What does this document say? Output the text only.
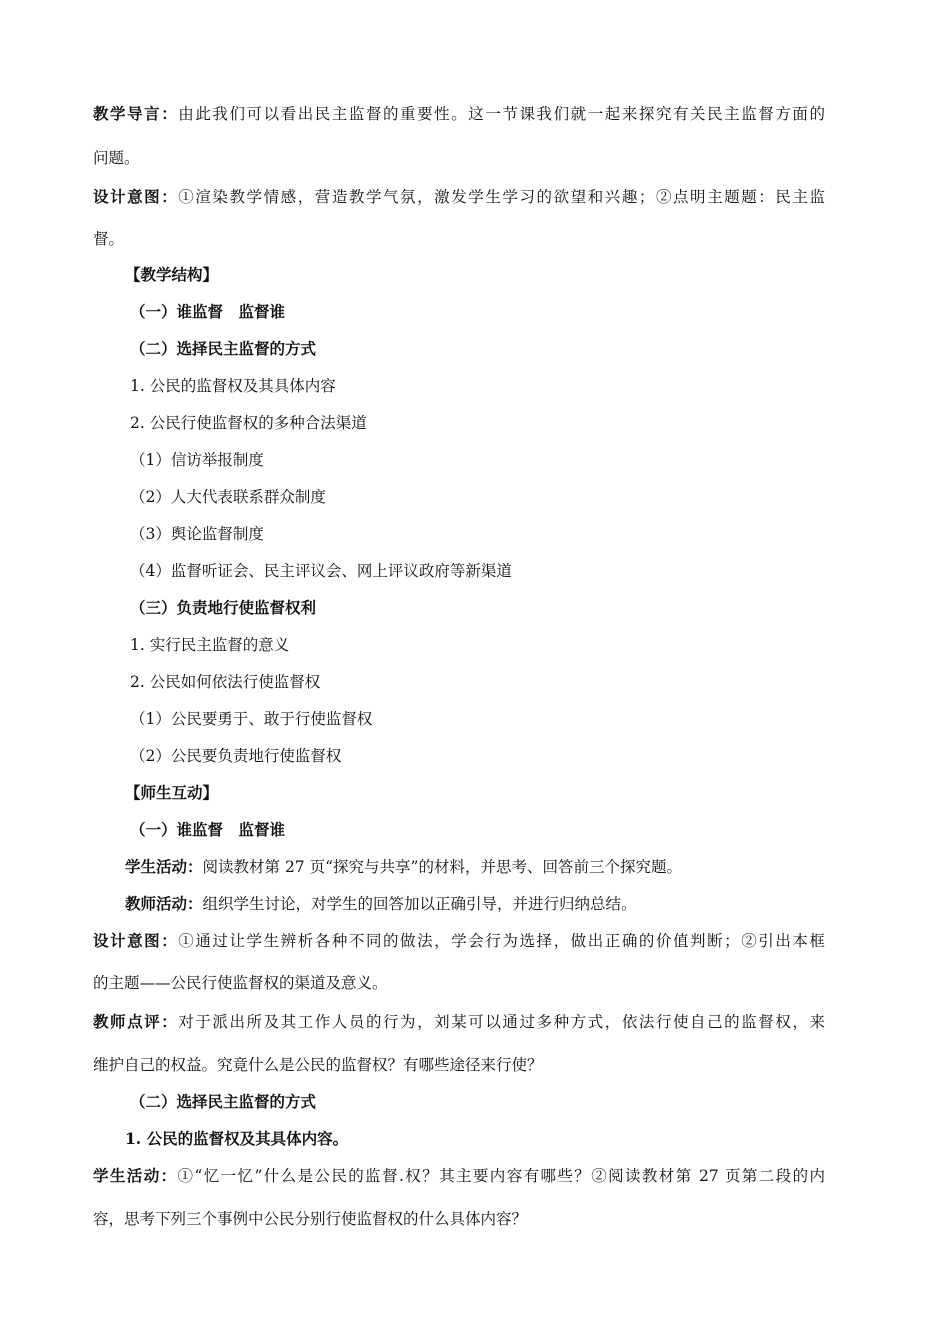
教学导言：由此我们可以看出民主监督的重要性。这一节课我们就一起来探究有关民主监督方面的
问题。
设计意图：①渲染教学情感，营造教学气氛，激发学生学习的欲望和兴趣；②点明主题题：民主监
督。
【教学结构】
（一）谁监督　监督谁
（二）选择民主监督的方式
1. 公民的监督权及其具体内容
2. 公民行使监督权的多种合法渠道
（1）信访举报制度
（2）人大代表联系群众制度
（3）舆论监督制度
（4）监督听证会、民主评议会、网上评议政府等新渠道
（三）负责地行使监督权利
1. 实行民主监督的意义
2. 公民如何依法行使监督权
（1）公民要勇于、敢于行使监督权
（2）公民要负责地行使监督权
【师生互动】
（一）谁监督　监督谁
学生活动：阅读教材第 27 页“探究与共享”的材料，并思考、回答前三个探究题。
教师活动：组织学生讨论，对学生的回答加以正确引导，并进行归纳总结。
设计意图：①通过让学生辨析各种不同的做法，学会行为选择，做出正确的价值判断；②引出本框
的主题——公民行使监督权的渠道及意义。
教师点评：对于派出所及其工作人员的行为，刘某可以通过多种方式，依法行使自己的监督权，来
维护自己的权益。究竟什么是公民的监督权？有哪些途径来行使？
（二）选择民主监督的方式
1. 公民的监督权及其具体内容。
学生活动：①“忆一忆”什么是公民的监督.权？其主要内容有哪些？②阅读教材第 27 页第二段的内
容，思考下列三个事例中公民分别行使监督权的什么具体内容？
